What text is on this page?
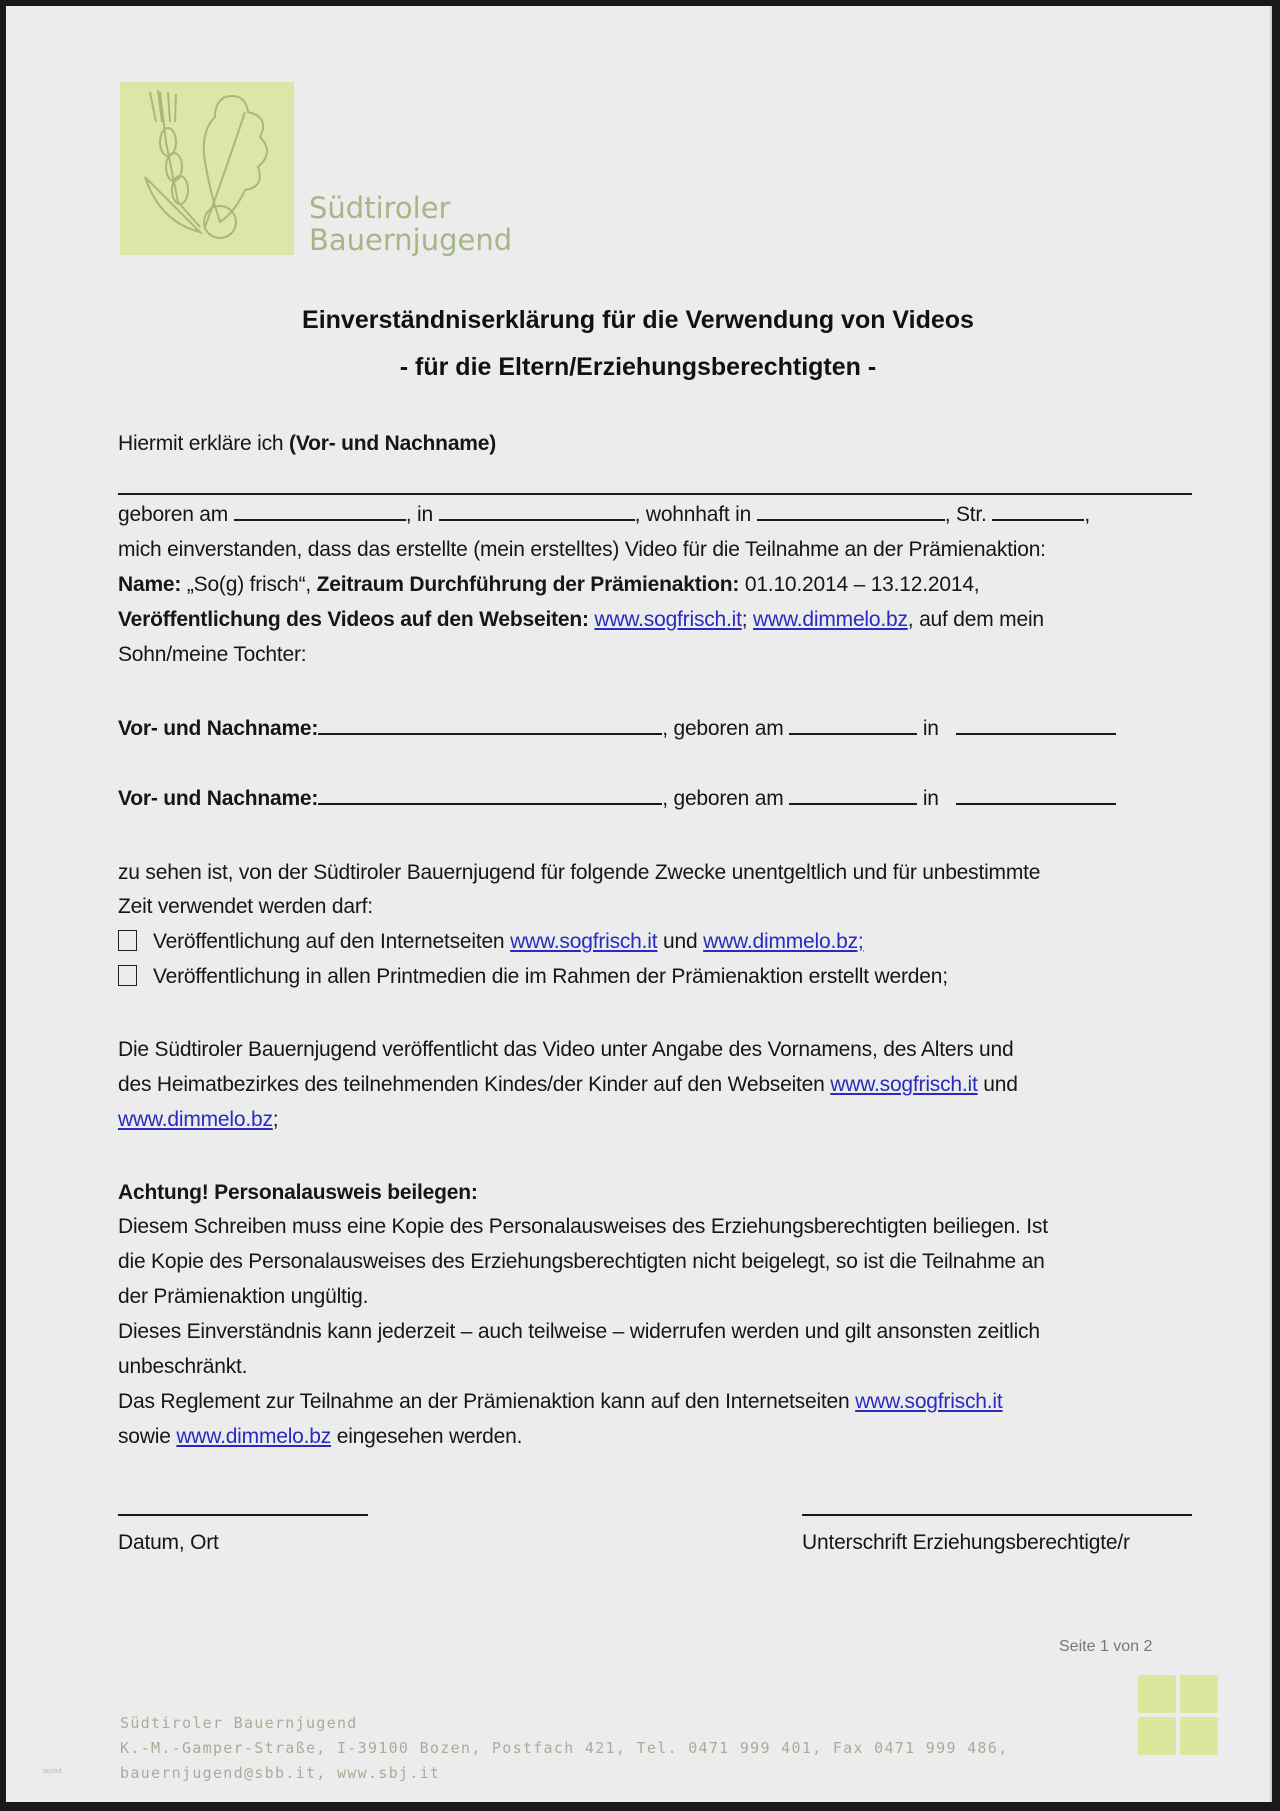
Südtiroler
Bauernjugend
Einverständniserklärung für die Verwendung von Videos
- für die Eltern/Erziehungsberechtigten -
Hiermit erkläre ich (Vor- und Nachname)
geboren am	, in	, wohnhaft in	, Str.	,
mich einverstanden, dass das erstellte (mein erstelltes) Video für die Teilnahme an der Prämienaktion:
Name: „So(g) frisch“, Zeitraum Durchführung der Prämienaktion: 01.10.2014 – 13.12.2014,
Veröffentlichung des Videos auf den Webseiten: www.sogfrisch.it; www.dimmelo.bz, auf dem mein
Sohn/meine Tochter:
Vor- und Nachname:	, geboren am	in
Vor- und Nachname:	, geboren am	in
zu sehen ist, von der Südtiroler Bauernjugend für folgende Zwecke unentgeltlich und für unbestimmte
Zeit verwendet werden darf:
Veröffentlichung auf den Internetseiten www.sogfrisch.it und www.dimmelo.bz;
Veröffentlichung in allen Printmedien die im Rahmen der Prämienaktion erstellt werden;
Die Südtiroler Bauernjugend veröffentlicht das Video unter Angabe des Vornamens, des Alters und
des Heimatbezirkes des teilnehmenden Kindes/der Kinder auf den Webseiten www.sogfrisch.it und
www.dimmelo.bz;
Achtung! Personalausweis beilegen:
Diesem Schreiben muss eine Kopie des Personalausweises des Erziehungsberechtigten beiliegen. Ist
die Kopie des Personalausweises des Erziehungsberechtigten nicht beigelegt, so ist die Teilnahme an
der Prämienaktion ungültig.
Dieses Einverständnis kann jederzeit – auch teilweise – widerrufen werden und gilt ansonsten zeitlich
unbeschränkt.
Das Reglement zur Teilnahme an der Prämienaktion kann auf den Internetseiten www.sogfrisch.it
sowie www.dimmelo.bz eingesehen werden.
Datum, Ort	Unterschrift Erziehungsberechtigte/r
Seite 1 von 2
Südtiroler Bauernjugend
K.-M.-Gamper-Straße, I-39100 Bozen, Postfach 421, Tel. 0471 999 401, Fax 0471 999 486,
bauernjugend@sbb.it, www.sbj.it
layout
